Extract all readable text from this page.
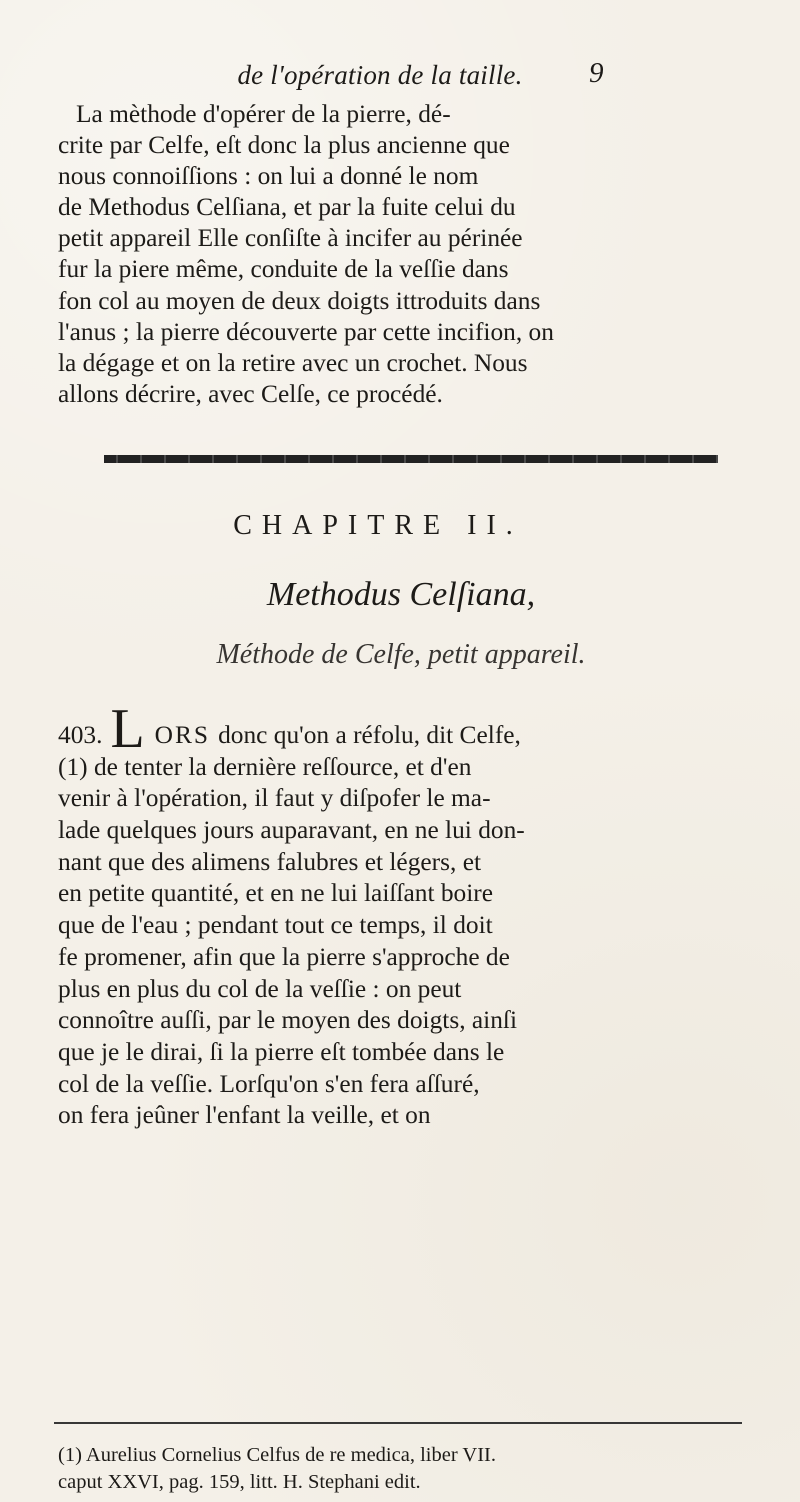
de l'opération de la taille.	9
La mèthode d'opérer de la pierre, dé-
crite par Celfe, eſt donc la plus ancienne que
nous connoiſſions : on lui a donné le nom
de Methodus Celſiana, et par la fuite celui du
petit appareil Elle conſiſte à incifer au périnée
fur la piere même, conduite de la veſſie dans
fon col au moyen de deux doigts ittroduits dans
l'anus ; la pierre découverte par cette incifion, on
la dégage et on la retire avec un crochet. Nous
allons décrire, avec Celſe, ce procédé.
CHAPITRE II.
Methodus Celſiana,
Méthode de Celfe, petit appareil.
403. L ORS donc qu'on a réfolu, dit Celfe,
(1) de tenter la dernière reſſource, et d'en
venir à l'opération, il faut y diſpofer le ma-
lade quelques jours auparavant, en ne lui don-
nant que des alimens falubres et légers, et
en petite quantité, et en ne lui laiſſant boire
que de l'eau ; pendant tout ce temps, il doit
fe promener, afin que la pierre s'approche de
plus en plus du col de la veſſie : on peut
connoître auſſi, par le moyen des doigts, ainſi
que je le dirai, ſi la pierre eſt tombée dans le
col de la veſſie. Lorſqu'on s'en fera aſſuré,
on fera jeûner l'enfant la veille, et on
(1) Aurelius Cornelius Celfus de re medica, liber VII.
caput XXVI, pag. 159, litt. H. Stephani edit.
